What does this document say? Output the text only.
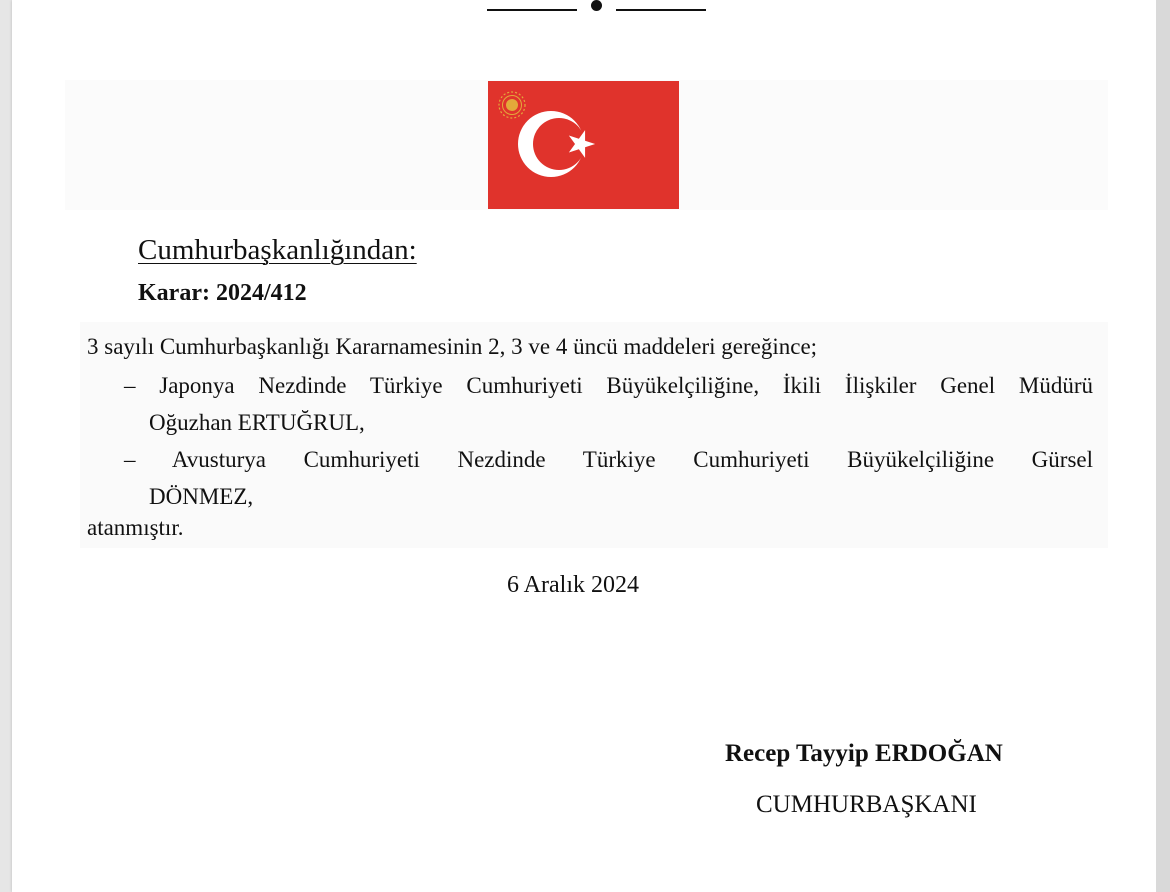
Cumhurbaşkanlığından:
Karar: 2024/412
3 sayılı Cumhurbaşkanlığı Kararnamesinin 2, 3 ve 4 üncü maddeleri gereğince;
– Japonya Nezdinde Türkiye Cumhuriyeti Büyükelçiliğine, İkili İlişkiler Genel Müdürü
Oğuzhan ERTUĞRUL,
– Avusturya Cumhuriyeti Nezdinde Türkiye Cumhuriyeti Büyükelçiliğine Gürsel
DÖNMEZ,
atanmıştır.
6 Aralık 2024
Recep Tayyip ERDOĞAN
CUMHURBAŞKANI
